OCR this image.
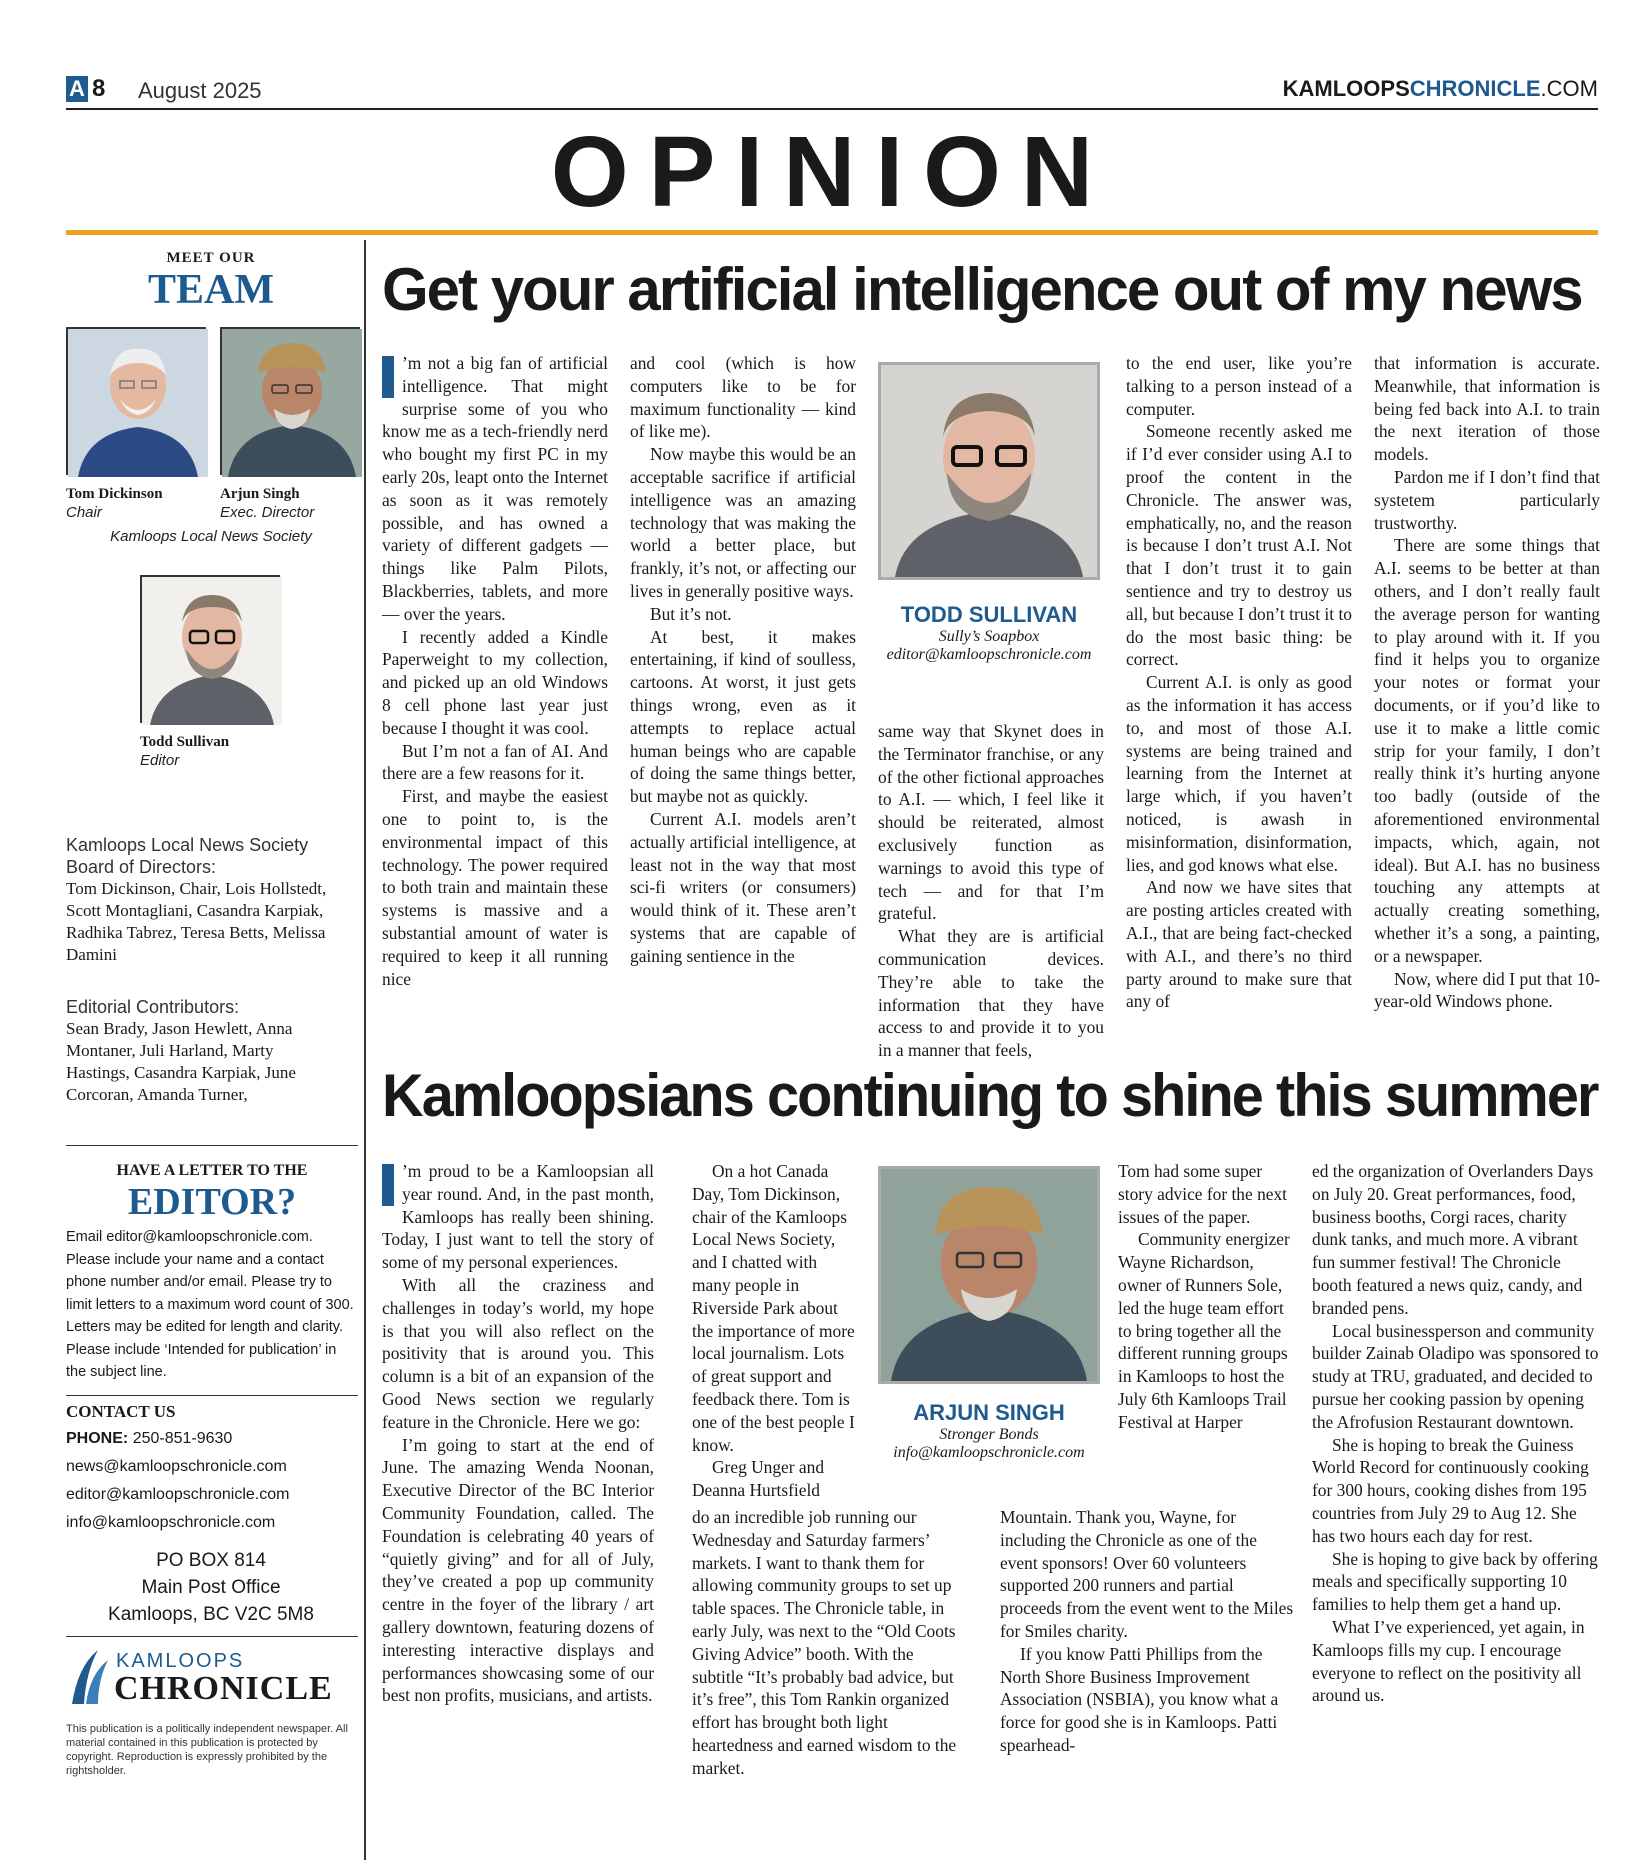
A 8 August 2025	KAMLOOPSCHRONICLE.COM
OPINION
MEET OUR
TEAM
Tom Dickinson
Chair
Arjun Singh
Exec. Director
Kamloops Local News Society
Todd Sullivan
Editor
Kamloops Local News Society Board of Directors:
Tom Dickinson, Chair, Lois Hollstedt, Scott Montagliani, Casandra Karpiak, Radhika Tabrez, Teresa Betts, Melissa Damini
Editorial Contributors:
Sean Brady, Jason Hewlett, Anna Montaner, Juli Harland, Marty Hastings, Casandra Karpiak, June Corcoran, Amanda Turner,
HAVE A LETTER TO THE
EDITOR?
Email editor@kamloopschronicle.com. Please include your name and a contact phone number and/or email. Please try to limit letters to a maximum word count of 300. Letters may be edited for length and clarity. Please include ‘Intended for publication’ in the subject line.
CONTACT US
PHONE: 250-851-9630
news@kamloopschronicle.com
editor@kamloopschronicle.com
info@kamloopschronicle.com
PO BOX 814
Main Post Office
Kamloops, BC V2C 5M8
KAMLOOPS
CHRONICLE
This publication is a politically independent newspaper. All material contained in this publication is protected by copyright. Reproduction is expressly prohibited by the rightsholder.
Get your artificial intelligence out of my news

’m not a big fan of artificial intelligence. That might surprise some of you who know me as a tech-friendly nerd who bought my first PC in my early 20s, leapt onto the Internet as soon as it was remotely possible, and has owned a variety of different gadgets — things like Palm Pilots, Blackberries, tablets, and more — over the years.

I recently added a Kindle Paperweight to my collection, and picked up an old Windows 8 cell phone last year just because I thought it was cool.

But I’m not a fan of AI. And there are a few reasons for it.

First, and maybe the easiest one to point to, is the environmental impact of this technology. The power required to both train and maintain these systems is massive and a substantial amount of water is required to keep it all running nice

and cool (which is how computers like to be for maximum functionality — kind of like me).

Now maybe this would be an acceptable sacrifice if artificial intelligence was an amazing technology that was making the world a better place, but frankly, it’s not, or affecting our lives in generally positive ways.

But it’s not.

At best, it makes entertaining, if kind of soulless, cartoons. At worst, it just gets things wrong, even as it attempts to replace actual human beings who are capable of doing the same things better, but maybe not as quickly.

Current A.I. models aren’t actually artificial intelligence, at least not in the way that most sci-fi writers (or consumers) would think of it. These aren’t systems that are capable of gaining sentience in the

TODD SULLIVAN
Sully’s Soapbox
editor@kamloopschronicle.com

same way that Skynet does in the Terminator franchise, or any of the other fictional approaches to A.I. — which, I feel like it should be reiterated, almost exclusively function as warnings to avoid this type of tech — and for that I’m grateful.

What they are is artificial communication devices. They’re able to take the information that they have access to and provide it to you in a manner that feels,

to the end user, like you’re talking to a person instead of a computer.

Someone recently asked me if I’d ever consider using A.I to proof the content in the Chronicle. The answer was, emphatically, no, and the reason is because I don’t trust A.I. Not that I don’t trust it to gain sentience and try to destroy us all, but because I don’t trust it to do the most basic thing: be correct.

Current A.I. is only as good as the information it has access to, and most of those A.I. systems are being trained and learning from the Internet at large which, if you haven’t noticed, is awash in misinformation, disinformation, lies, and god knows what else.

And now we have sites that are posting articles created with A.I., that are being fact-checked with A.I., and there’s no third party around to make sure that any of

that information is accurate. Meanwhile, that information is being fed back into A.I. to train the next iteration of those models.

Pardon me if I don’t find that systetem particularly trustworthy.

There are some things that A.I. seems to be better at than others, and I don’t really fault the average person for wanting to play around with it. If you find it helps you to organize your notes or format your documents, or if you’d like to use it to make a little comic strip for your family, I don’t really think it’s hurting anyone too badly (outside of the aforementioned environmental impacts, which, again, not ideal). But A.I. has no business touching any attempts at actually creating something, whether it’s a song, a painting, or a newspaper.

Now, where did I put that 10-year-old Windows phone.

Kamloopsians continuing to shine this summer

’m proud to be a Kamloopsian all year round. And, in the past month, Kamloops has really been shining. Today, I just want to tell the story of some of my personal experiences.

With all the craziness and challenges in today’s world, my hope is that you will also reflect on the positivity that is around you. This column is a bit of an expansion of the Good News section we regularly feature in the Chronicle. Here we go:

I’m going to start at the end of June. The amazing Wenda Noonan, Executive Director of the BC Interior Community Foundation, called. The Foundation is celebrating 40 years of “quietly giving” and for all of July, they’ve created a pop up community centre in the foyer of the library / art gallery downtown, featuring dozens of interesting interactive displays and performances showcasing some of our best non profits, musicians, and artists.

On a hot Canada Day, Tom Dickinson, chair of the Kamloops Local News Society, and I chatted with many people in Riverside Park about the importance of more local journalism. Lots of great support and feedback there. Tom is one of the best people I know.

Greg Unger and Deanna Hurtsfield

do an incredible job running our Wednesday and Saturday farmers’ markets. I want to thank them for allowing community groups to set up table spaces. The Chronicle table, in early July, was next to the “Old Coots Giving Advice” booth. With the subtitle “It’s probably bad advice, but it’s free”, this Tom Rankin organized effort has brought both light heartedness and earned wisdom to the market.

ARJUN SINGH
Stronger Bonds
info@kamloopschronicle.com

Tom had some super story advice for the next issues of the paper.

Community energizer Wayne Richardson, owner of Runners Sole, led the huge team effort to bring together all the different running groups in Kamloops to host the July 6th Kamloops Trail Festival at Harper

Mountain. Thank you, Wayne, for including the Chronicle as one of the event sponsors! Over 60 volunteers supported 200 runners and partial proceeds from the event went to the Miles for Smiles charity.

If you know Patti Phillips from the North Shore Business Improvement Association (NSBIA), you know what a force for good she is in Kamloops. Patti spearhead-

ed the organization of Overlanders Days on July 20. Great performances, food, business booths, Corgi races, charity dunk tanks, and much more. A vibrant fun summer festival! The Chronicle booth featured a news quiz, candy, and branded pens.

Local businessperson and community builder Zainab Oladipo was sponsored to study at TRU, graduated, and decided to pursue her cooking passion by opening the Afrofusion Restaurant downtown.

She is hoping to break the Guiness World Record for continuously cooking for 300 hours, cooking dishes from 195 countries from July 29 to Aug 12. She has two hours each day for rest.

She is hoping to give back by offering meals and specifically supporting 10 families to help them get a hand up.

What I’ve experienced, yet again, in Kamloops fills my cup. I encourage everyone to reflect on the positivity all around us.
